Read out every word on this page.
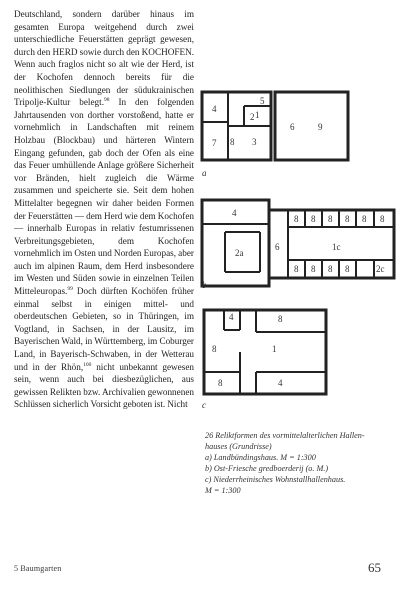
Deutschland, sondern darüber hinaus im gesamten Europa weitgehend durch zwei unterschiedliche Feuerstätten geprägt gewesen, durch den HERD sowie durch den KOCHOFEN. Wenn auch fraglos nicht so alt wie der Herd, ist der Kochofen dennoch bereits für die neolithischen Siedlungen der südukrainischen Tripolje-Kultur belegt.$^{98}$ In den folgenden Jahrtausenden von dorther vorstoßend, hatte er vornehmlich in Landschaften mit reinem Holzbau (Blockbau) und härteren Wintern Eingang gefunden, gab doch der Ofen als eine das Feuer umhüllende Anlage größere Sicherheit vor Bränden, hielt zugleich die Wärme zusammen und speicherte sie. Seit dem hohen Mittelalter begegnen wir daher beiden Formen der Feuerstätten — dem Herd wie dem Kochofen — innerhalb Europas in relativ festumrissenen Verbreitungsgebieten, dem Kochofen vornehmlich im Osten und Norden Europas, aber auch im alpinen Raum, dem Herd insbesondere im Westen und Süden sowie in einzelnen Teilen Mitteleuropas.$^{99}$ Doch dürften Kochöfen früher einmal selbst in einigen mittel- und oberdeutschen Gebieten, so in Thüringen, im Vogtland, in Sachsen, in der Lausitz, im Bayerischen Wald, in Württemberg, im Coburger Land, in Bayerisch-Schwaben, in der Wetterau und in der Rhön,$^{100}$ nicht unbekannt gewesen sein, wenn auch bei diesbezüglichen, aus gewissen Relikten bzw. Archivalien gewonnenen Schlüssen sicherlich Vorsicht geboten ist. Nicht
a
b
c
1
2
3
4
5
6
7 8
9
4
2a
6	1c
8 8 8 8 8 8
8 8 8 8	2c
4	8
8	1
8	4
26 Reliktformen des vormittelalterlichen Hallen-
hauses (Grundrisse)
a) Landbündingshaus. M = 1:300
b) Ost-Friesche gredboerderij (o. M.)
c) Niederrheinisches Wohnstallhallenhaus.
M = 1:300
5 Baumgarten	65
